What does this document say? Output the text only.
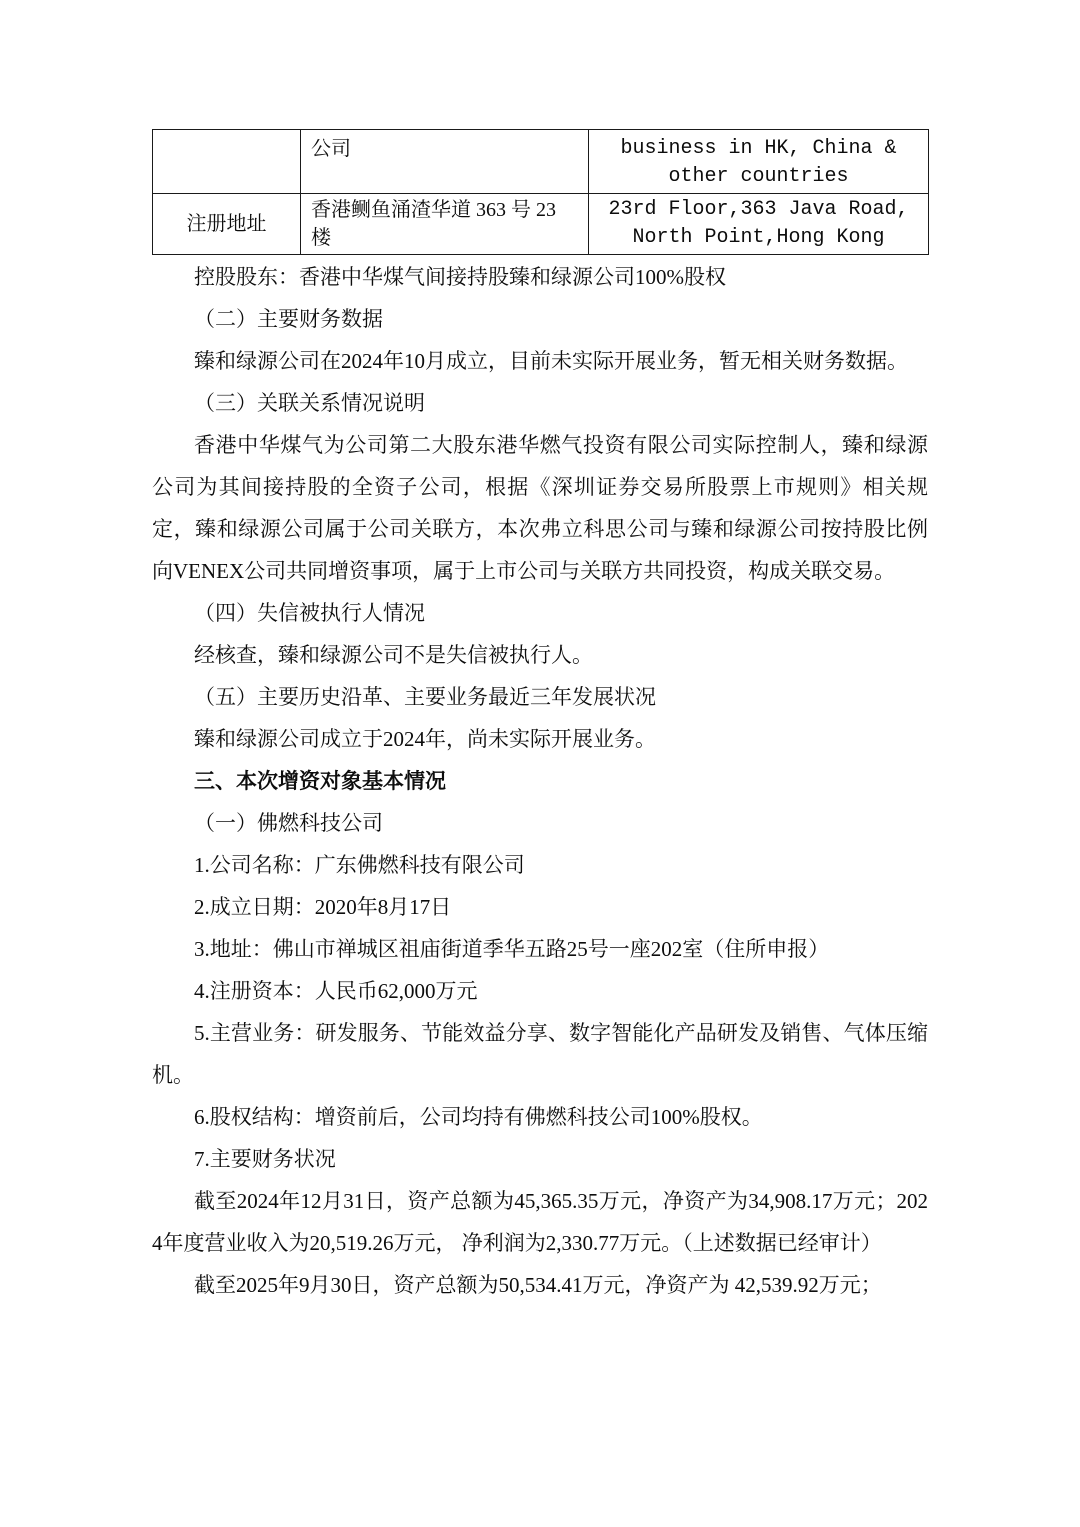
	公司	business in HK, China & other countries
注册地址	香港鲗鱼涌渣华道 363 号 23 楼	23rd Floor,363 Java Road, North Point,Hong Kong

控股股东：香港中华煤气间接持股臻和绿源公司100%股权

（二）主要财务数据

臻和绿源公司在2024年10月成立，目前未实际开展业务，暂无相关财务数据。

（三）关联关系情况说明

香港中华煤气为公司第二大股东港华燃气投资有限公司实际控制人，臻和绿源公司为其间接持股的全资子公司，根据《深圳证券交易所股票上市规则》相关规定，臻和绿源公司属于公司关联方，本次弗立科思公司与臻和绿源公司按持股比例向VENEX公司共同增资事项，属于上市公司与关联方共同投资，构成关联交易。

（四）失信被执行人情况

经核查，臻和绿源公司不是失信被执行人。

（五）主要历史沿革、主要业务最近三年发展状况

臻和绿源公司成立于2024年，尚未实际开展业务。

三、本次增资对象基本情况

（一）佛燃科技公司

1.公司名称：广东佛燃科技有限公司

2.成立日期：2020年8月17日

3.地址：佛山市禅城区祖庙街道季华五路25号一座202室（住所申报）

4.注册资本：人民币62,000万元

5.主营业务：研发服务、节能效益分享、数字智能化产品研发及销售、气体压缩机。

6.股权结构：增资前后，公司均持有佛燃科技公司100%股权。

7.主要财务状况

截至2024年12月31日，资产总额为45,365.35万元，净资产为34,908.17万元；2024年度营业收入为20,519.26万元， 净利润为2,330.77万元。（上述数据已经审计）

截至2025年9月30日，资产总额为50,534.41万元，净资产为 42,539.92万元；
